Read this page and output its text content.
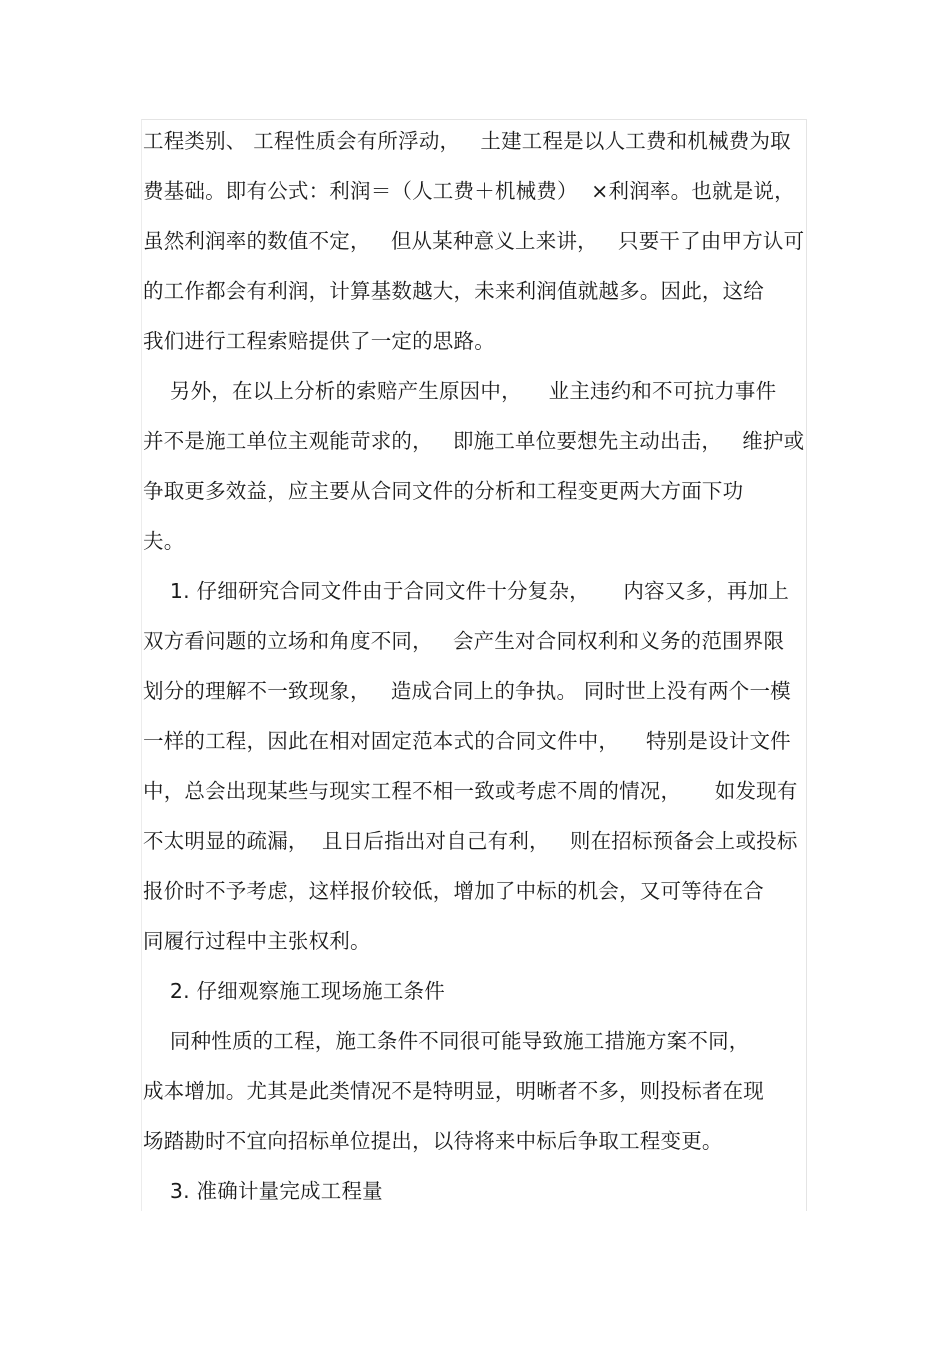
工程类别、 工程性质会有所浮动，   土建工程是以人工费和机械费为取
费基础。即有公式：利润＝（人工费＋机械费）  ×利润率。也就是说，
虽然利润率的数值不定，   但从某种意义上来讲，   只要干了由甲方认可
的工作都会有利润，计算基数越大，未来利润值就越多。因此，这给
我们进行工程索赔提供了一定的思路。
另外，在以上分析的索赔产生原因中，    业主违约和不可抗力事件
并不是施工单位主观能苛求的，   即施工单位要想先主动出击，   维护或
争取更多效益，应主要从合同文件的分析和工程变更两大方面下功
夫。
1. 仔细研究合同文件由于合同文件十分复杂，     内容又多，再加上
双方看问题的立场和角度不同，   会产生对合同权利和义务的范围界限
划分的理解不一致现象，   造成合同上的争执。 同时世上没有两个一模
一样的工程，因此在相对固定范本式的合同文件中，    特别是设计文件
中，总会出现某些与现实工程不相一致或考虑不周的情况，     如发现有
不太明显的疏漏，  且日后指出对自己有利，   则在招标预备会上或投标
报价时不予考虑，这样报价较低，增加了中标的机会，又可等待在合
同履行过程中主张权利。
2. 仔细观察施工现场施工条件
同种性质的工程，施工条件不同很可能导致施工措施方案不同，
成本增加。尤其是此类情况不是特明显，明晰者不多，则投标者在现
场踏勘时不宜向招标单位提出，以待将来中标后争取工程变更。
3. 准确计量完成工程量
